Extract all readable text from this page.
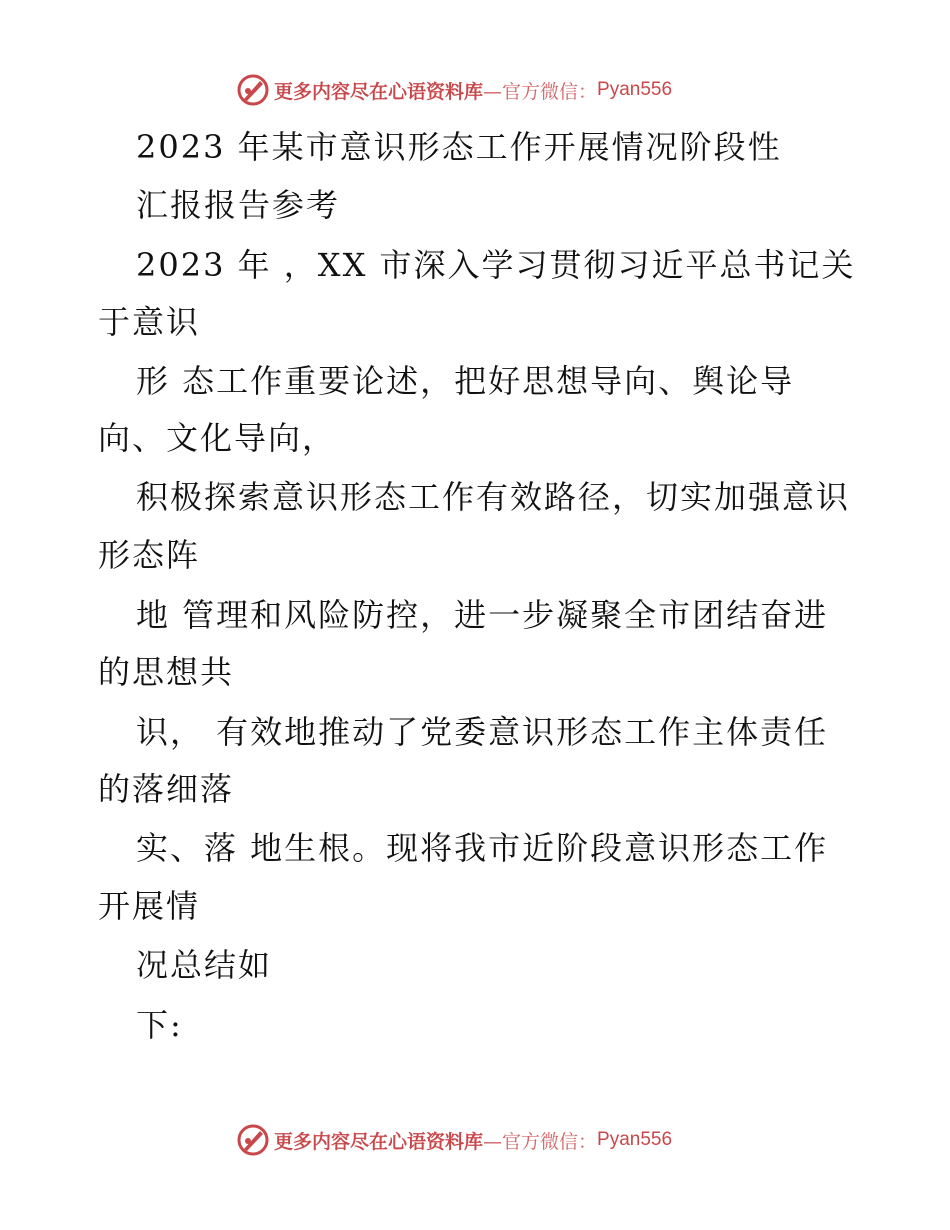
更多内容尽在心语资料库 —官方微信： Pyan556
2023 年某市意识形态工作开展情况阶段性
汇报报告参考
2023 年 ，XX 市深入学习贯彻习近平总书记关
于意识
形 态工作重要论述，把好思想导向、舆论导
向、文化导向，
积极探索意识形态工作有效路径，切实加强意识
形态阵
地 管理和风险防控，进一步凝聚全市团结奋进
的思想共
识， 有效地推动了党委意识形态工作主体责任
的落细落
实、落 地生根。现将我市近阶段意识形态工作
开展情
况总结如
下:
更多内容尽在心语资料库 —官方微信： Pyan556
